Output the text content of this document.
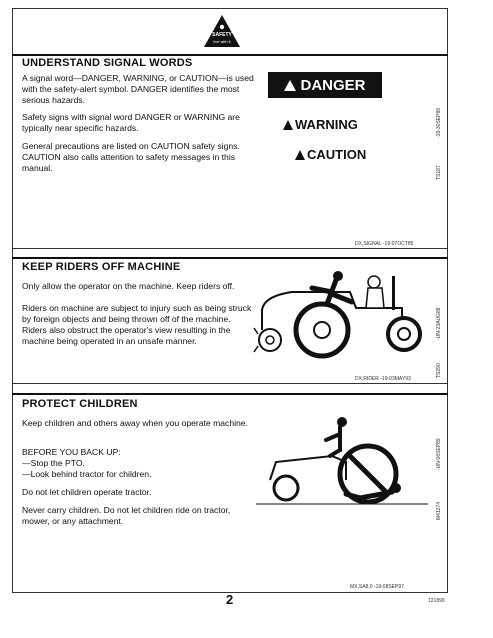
SAFETY
live with it
UNDERSTAND SIGNAL WORDS

A signal word—DANGER, WARNING, or CAUTION—is used with the safety-alert symbol. DANGER identifies the most serious hazards.

Safety signs with signal word DANGER or WARNING are typically near specific hazards.

General precautions are listed on CAUTION safety signs. CAUTION also calls attention to safety messages in this manual.

DANGER
WARNING
CAUTION
-19-30SEP88
TS187
DX,SIGNAL -19-07OCT85
KEEP RIDERS OFF MACHINE

Only allow the operator on the machine. Keep riders off.

Riders on machine are subject to injury such as being struck by foreign objects and being thrown off of the machine. Riders also obstruct the operator's view resulting in the machine being operated in an unsafe manner.

-UN-23AUG88
TS290
DX,RIDER -19-03MAY93
PROTECT CHILDREN

Keep children and others away when you operate machine.

BEFORE YOU BACK UP:
—Stop the PTO.
—Look behind tractor for children.

Do not let children operate tractor.

Never carry children. Do not let children ride on tractor, mower, or any attachment.

-UN-06SEP89
M41274
MX,SA8,0 -19-08SEP97
2	121899
